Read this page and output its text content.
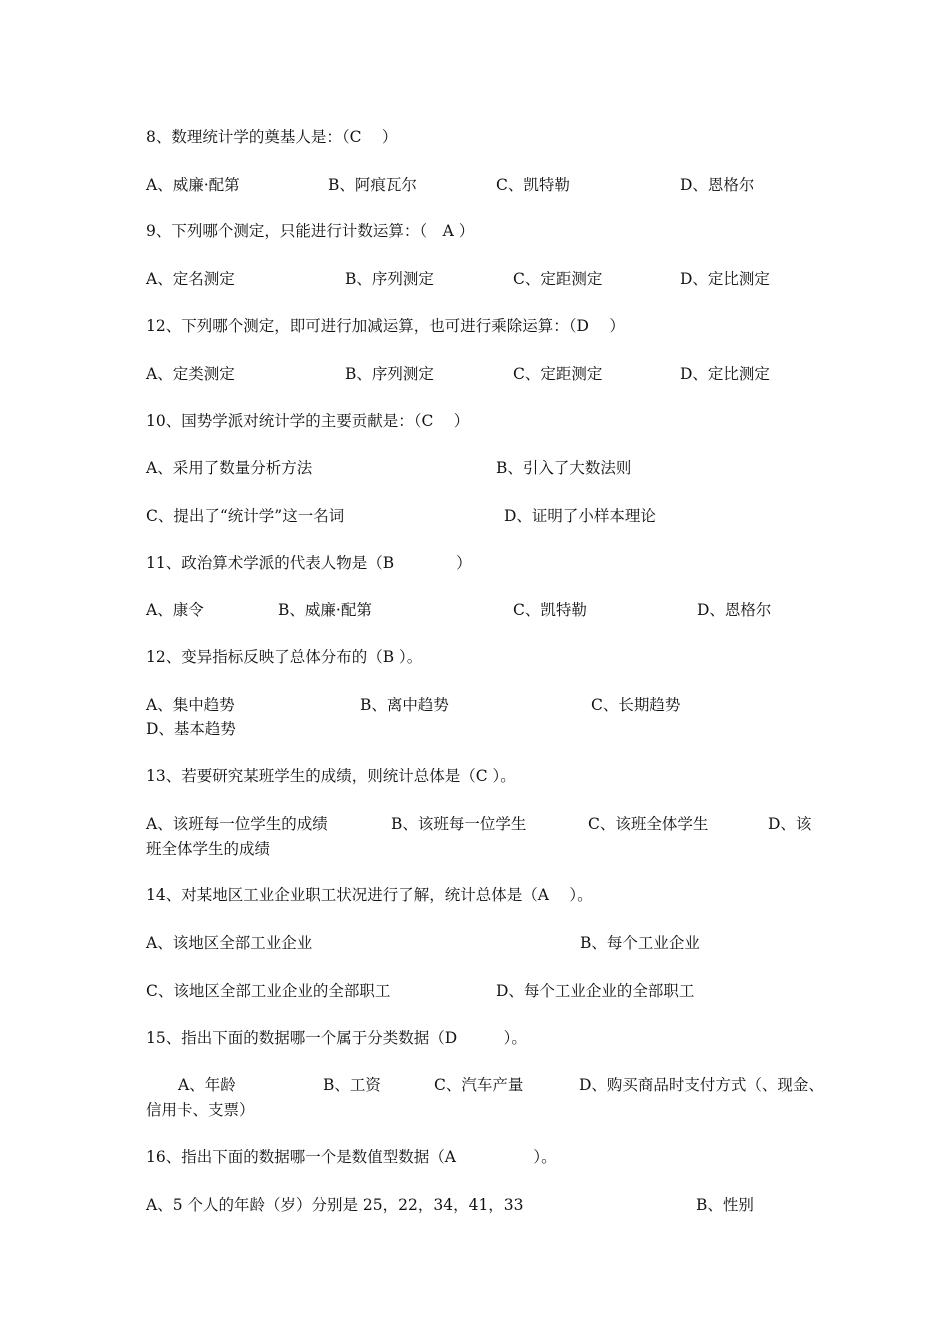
8、数理统计学的奠基人是：（C　 ）
A、威廉·配第	B、阿痕瓦尔	C、凯特勒	D、恩格尔
9、下列哪个测定，只能进行计数运算：（　A ）
A、定名测定	B、序列测定	C、定距测定	D、定比测定
12、下列哪个测定，即可进行加减运算，也可进行乘除运算：（D　 ）
A、定类测定	B、序列测定	C、定距测定	D、定比测定
10、国势学派对统计学的主要贡献是：（C　 ）
A、采用了数量分析方法	B、引入了大数法则
C、提出了“统计学”这一名词	D、证明了小样本理论
11、政治算术学派的代表人物是（B　　　　）
A、康令	B、威廉·配第	C、凯特勒	D、恩格尔
12、变异指标反映了总体分布的（B ）。
A、集中趋势	B、离中趋势	C、长期趋势
D、基本趋势
13、若要研究某班学生的成绩，则统计总体是（C ）。
A、该班每一位学生的成绩	B、该班每一位学生	C、该班全体学生	D、该
班全体学生的成绩
14、对某地区工业企业职工状况进行了解，统计总体是（A　 ）。
A、该地区全部工业企业	B、每个工业企业
C、该地区全部工业企业的全部职工	D、每个工业企业的全部职工
15、指出下面的数据哪一个属于分类数据（D　　　）。
A、年龄	B、工资	C、汽车产量	D、购买商品时支付方式（、现金、
信用卡、支票）
16、指出下面的数据哪一个是数值型数据（A　　　　　）。
A、5 个人的年龄（岁）分别是 25，22，34，41，33	B、性别
